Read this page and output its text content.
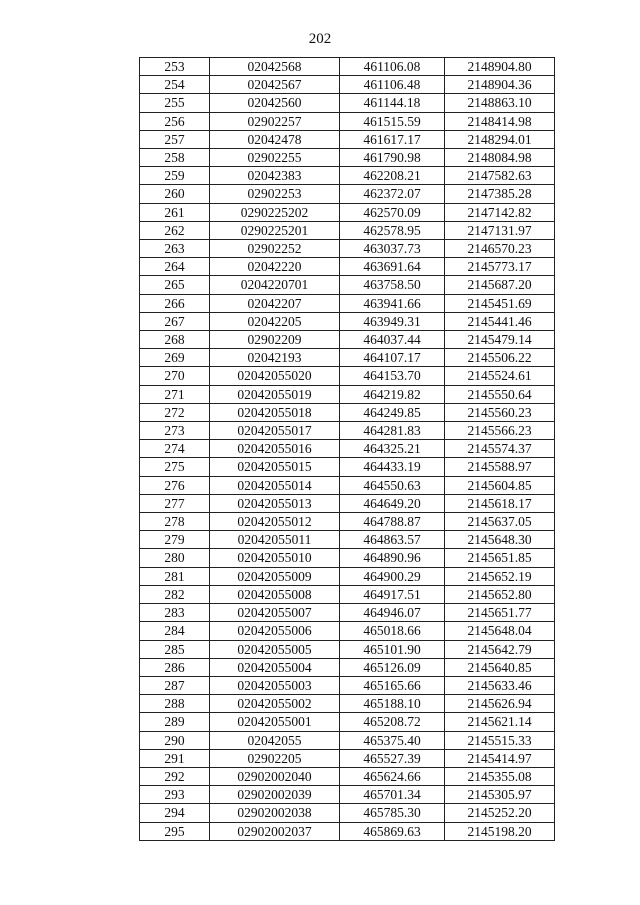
202
253	02042568	461106.08	2148904.80
254	02042567	461106.48	2148904.36
255	02042560	461144.18	2148863.10
256	02902257	461515.59	2148414.98
257	02042478	461617.17	2148294.01
258	02902255	461790.98	2148084.98
259	02042383	462208.21	2147582.63
260	02902253	462372.07	2147385.28
261	0290225202	462570.09	2147142.82
262	0290225201	462578.95	2147131.97
263	02902252	463037.73	2146570.23
264	02042220	463691.64	2145773.17
265	0204220701	463758.50	2145687.20
266	02042207	463941.66	2145451.69
267	02042205	463949.31	2145441.46
268	02902209	464037.44	2145479.14
269	02042193	464107.17	2145506.22
270	02042055020	464153.70	2145524.61
271	02042055019	464219.82	2145550.64
272	02042055018	464249.85	2145560.23
273	02042055017	464281.83	2145566.23
274	02042055016	464325.21	2145574.37
275	02042055015	464433.19	2145588.97
276	02042055014	464550.63	2145604.85
277	02042055013	464649.20	2145618.17
278	02042055012	464788.87	2145637.05
279	02042055011	464863.57	2145648.30
280	02042055010	464890.96	2145651.85
281	02042055009	464900.29	2145652.19
282	02042055008	464917.51	2145652.80
283	02042055007	464946.07	2145651.77
284	02042055006	465018.66	2145648.04
285	02042055005	465101.90	2145642.79
286	02042055004	465126.09	2145640.85
287	02042055003	465165.66	2145633.46
288	02042055002	465188.10	2145626.94
289	02042055001	465208.72	2145621.14
290	02042055	465375.40	2145515.33
291	02902205	465527.39	2145414.97
292	02902002040	465624.66	2145355.08
293	02902002039	465701.34	2145305.97
294	02902002038	465785.30	2145252.20
295	02902002037	465869.63	2145198.20
